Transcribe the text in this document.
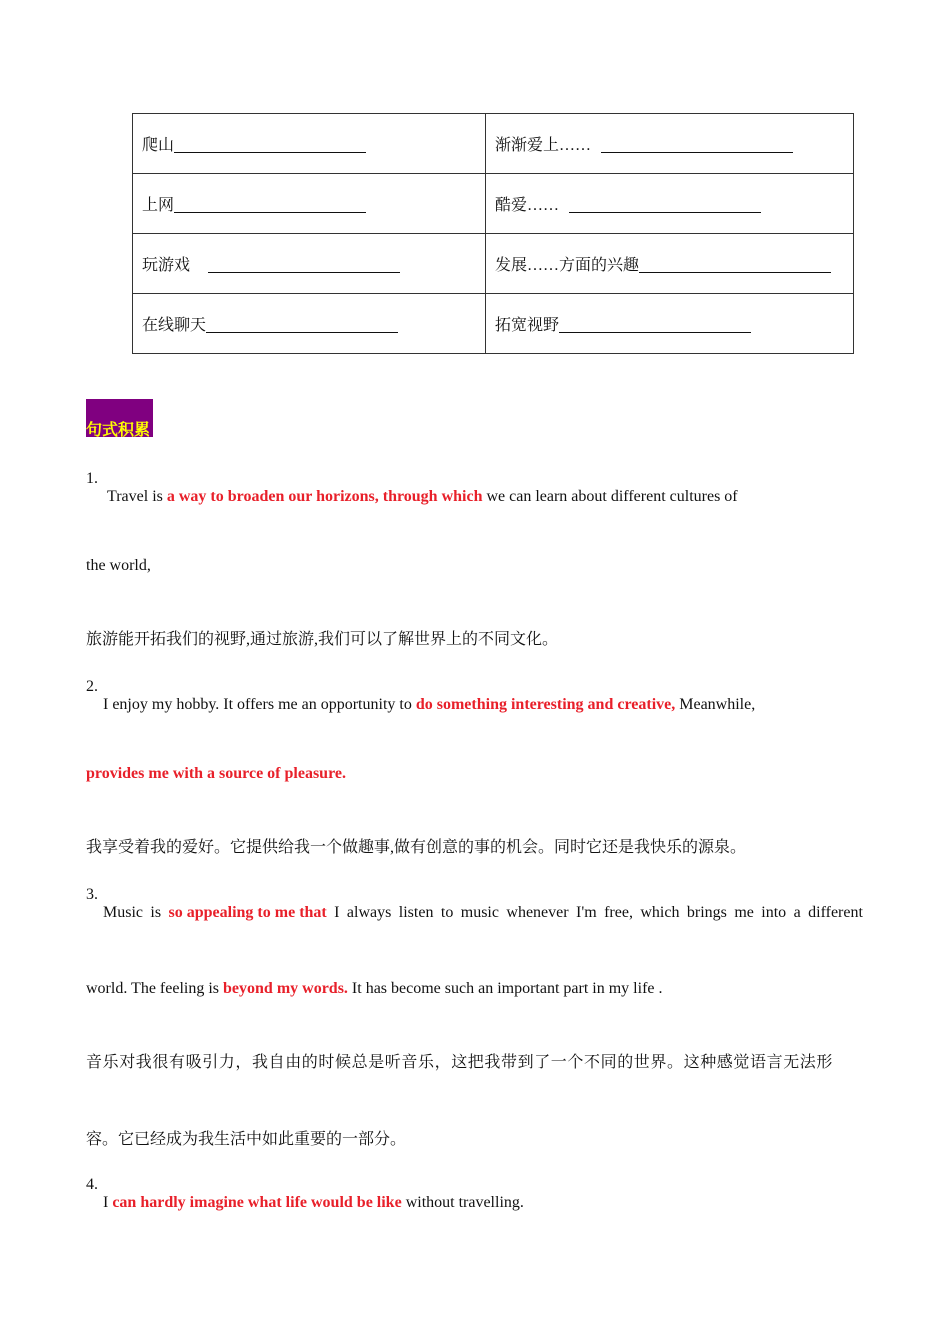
爬山	渐渐爱上……
上网	酷爱……
玩游戏	发展……方面的兴趣
在线聊天	拓宽视野
句式积累
1.
Travel is a way to broaden our horizons, through which we can learn about different cultures of
the world,
旅游能开拓我们的视野,通过旅游,我们可以了解世界上的不同文化。
2.
I enjoy my hobby. It offers me an opportunity to do something interesting and creative, Meanwhile,
provides me with a source of pleasure.
我享受着我的爱好。它提供给我一个做趣事,做有创意的事的机会。同时它还是我快乐的源泉。
3.
Music is so appealing to me that I always listen to music whenever I'm free, which brings me into a different
world. The feeling is beyond my words. It has become such an important part in my life .
音乐对我很有吸引力，我自由的时候总是听音乐，这把我带到了一个不同的世界。这种感觉语言无法形
容。它已经成为我生活中如此重要的一部分。
4.
I can hardly imagine what life would be like without travelling.
